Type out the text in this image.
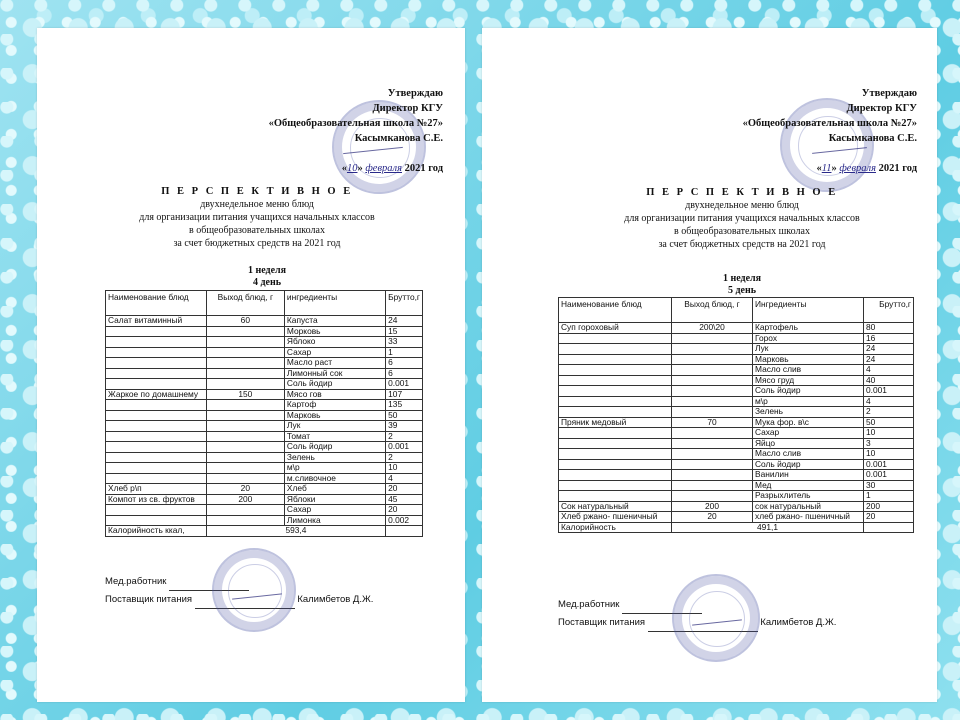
Утверждаю
Директор КГУ
«Общеобразовательная школа №27»
Касымканова С.Е.
«10» февраля 2021 год
П Е Р С П Е К Т И В Н О Е
двухнедельное меню блюд
для организации питания учащихся начальных классов
в общеобразовательных школах
за счет бюджетных средств на 2021 год
1 неделя
4 день
Наименование блюд	Выход блюд, г	ингредиенты	Брутто,г
Салат витаминный	60	Капуста	24
		Морковь	15
		Яблоко	33
		Сахар	1
		Масло раст	6
		Лимонный сок	6
		Соль йодир	0.001
Жаркое по домашнему	150	Мясо гов	107
		Картоф	135
		Марковь	50
		Лук	39
		Томат	2
		Соль йодир	0.001
		Зелень	2
		м\р	10
		м.сливочное	4
Хлеб р\п	20	Хлеб	20
Компот из св. фруктов	200	Яблоки	45
		Сахар	20
		Лимонка	0.002
Калорийность ккал,	593,4		
Мед.работник
Поставщик питания	Калимбетов Д.Ж.
Утверждаю
Директор КГУ
«Общеобразовательная школа №27»
Касымканова С.Е.
«11» февраля 2021 год
П Е Р С П Е К Т И В Н О Е
двухнедельное меню блюд
для организации питания учащихся начальных классов
в общеобразовательных школах
за счет бюджетных средств на 2021 год
1 неделя
5 день
Наименование блюд	Выход блюд, г	Ингредиенты	Брутто,г
Суп гороховый	200\20	Картофель	80
		Горох	16
		Лук	24
		Марковь	24
		Масло слив	4
		Мясо груд	40
		Соль йодир	0.001
		м\р	4
		Зелень	2
Пряник медовый	70	Мука фор. в\с	50
		Сахар	10
		Яйцо	3
		Масло слив	10
		Соль йодир	0.001
		Ванилин	0.001
		Мед	30
		Разрыхлитель	1
Сок натуральный	200	сок натуральный	200
Хлеб ржано- пшеничный	20	хлеб ржано- пшеничный	20
Калорийность	491,1		
Мед.работник
Поставщик питания	Калимбетов Д.Ж.
